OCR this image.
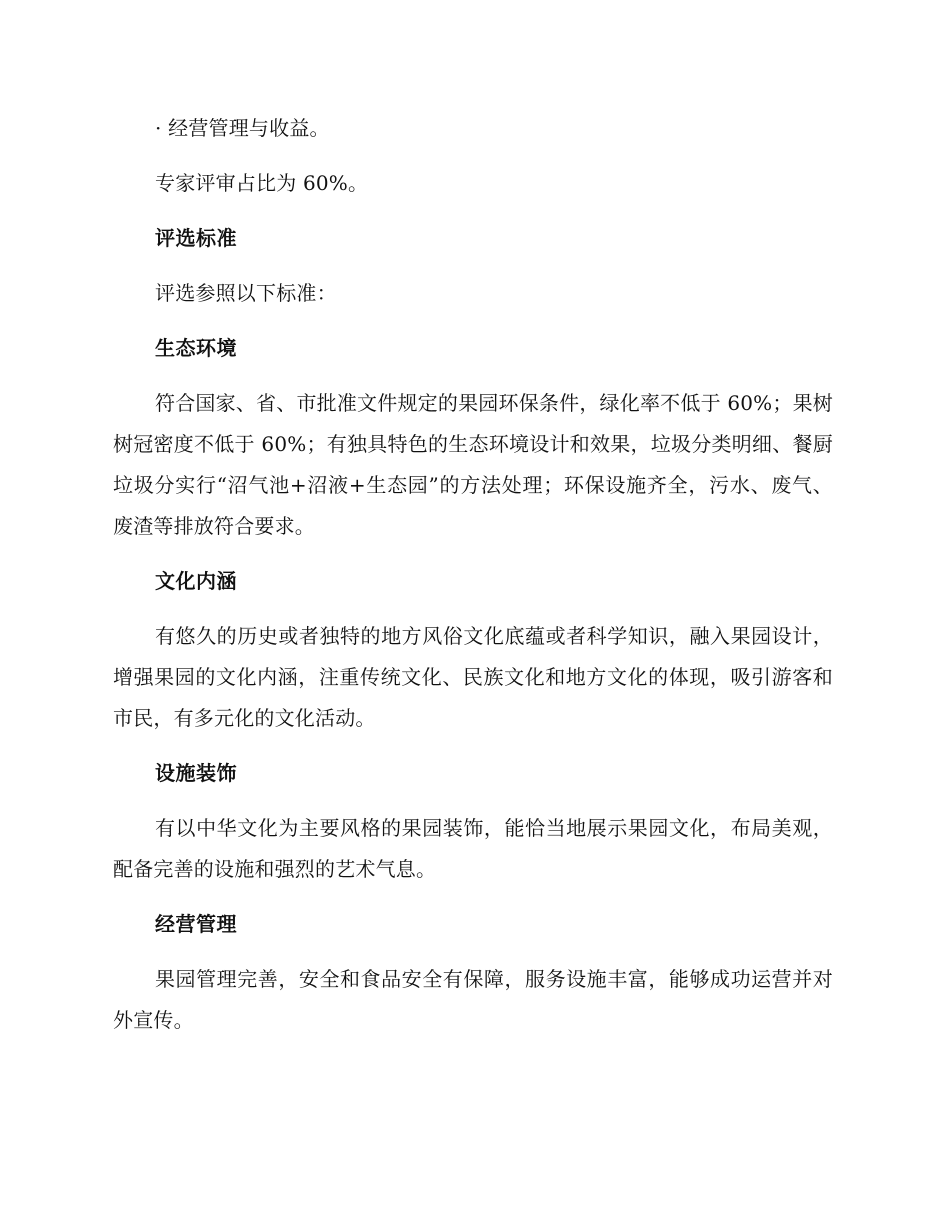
· 经营管理与收益。

专家评审占比为 60%。

评选标准

评选参照以下标准：

生态环境

符合国家、省、市批准文件规定的果园环保条件，绿化率不低于 60%；果树树冠密度不低于 60%；有独具特色的生态环境设计和效果，垃圾分类明细、餐厨垃圾分实行“沼气池+沼液+生态园”的方法处理；环保设施齐全，污水、废气、废渣等排放符合要求。

文化内涵

有悠久的历史或者独特的地方风俗文化底蕴或者科学知识，融入果园设计，增强果园的文化内涵，注重传统文化、民族文化和地方文化的体现，吸引游客和市民，有多元化的文化活动。

设施装饰

有以中华文化为主要风格的果园装饰，能恰当地展示果园文化，布局美观，配备完善的设施和强烈的艺术气息。

经营管理

果园管理完善，安全和食品安全有保障，服务设施丰富，能够成功运营并对外宣传。
